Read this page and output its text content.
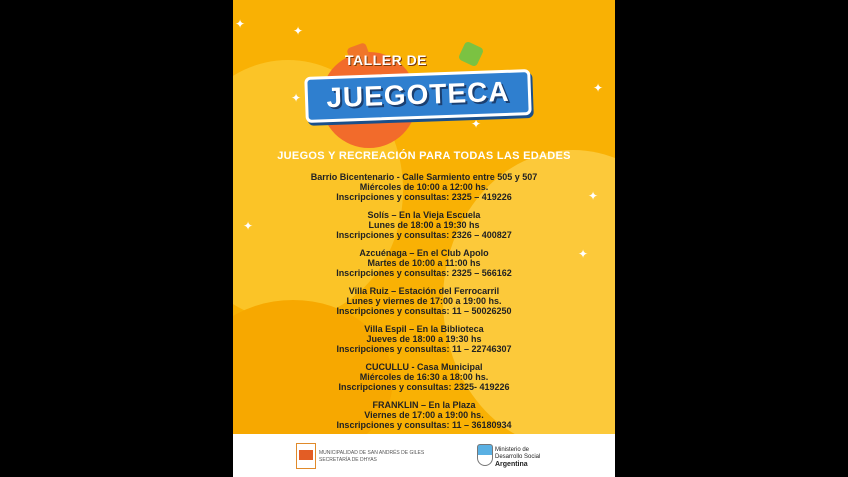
✦	✦
✦
✦
✦
✦
✦
✦
TALLER DE
JUEGOTECA
JUEGOS Y RECREACIÓN PARA TODAS LAS EDADES
Barrio Bicentenario - Calle Sarmiento entre 505 y 507
Miércoles de 10:00 a 12:00 hs.
Inscripciones y consultas: 2325 – 419226
Solís – En la Vieja Escuela
Lunes de 18:00 a 19:30 hs
Inscripciones y consultas: 2326 – 400827
Azcuénaga – En el Club Apolo
Martes de 10:00 a 11:00 hs
Inscripciones y consultas: 2325 – 566162
Villa Ruiz – Estación del Ferrocarril
Lunes y viernes de 17:00 a 19:00 hs.
Inscripciones y consultas: 11 – 50026250
Villa Espil – En la Biblioteca
Jueves de 18:00 a 19:30 hs
Inscripciones y consultas: 11 – 22746307
CUCULLU - Casa Municipal
Miércoles de 16:30 a 18:00 hs.
Inscripciones y consultas: 2325- 419226
FRANKLIN – En la Plaza
Viernes de 17:00 a 19:00 hs.
Inscripciones y consultas: 11 – 36180934
MUNICIPALIDAD DE SAN ANDRÉS DE GILES
SECRETARÍA DE DHYAS
Ministerio de
Desarrollo Social
Argentina
